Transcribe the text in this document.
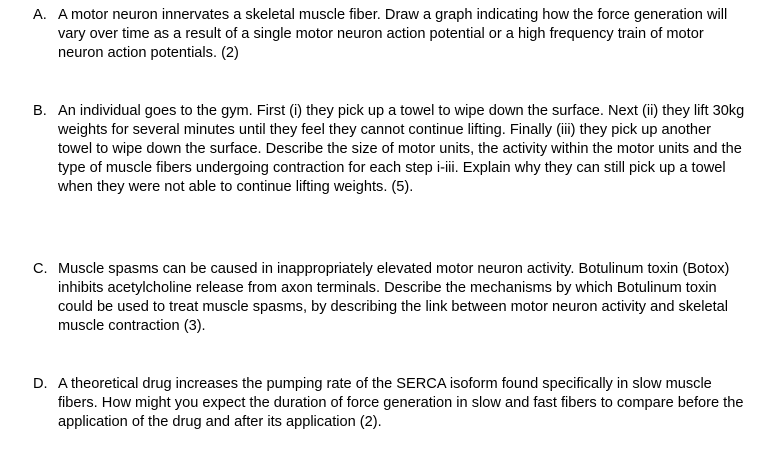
A. A motor neuron innervates a skeletal muscle fiber. Draw a graph indicating how the force generation will vary over time as a result of a single motor neuron action potential or a high frequency train of motor neuron action potentials. (2)
B. An individual goes to the gym. First (i) they pick up a towel to wipe down the surface. Next (ii) they lift 30kg weights for several minutes until they feel they cannot continue lifting. Finally (iii) they pick up another towel to wipe down the surface. Describe the size of motor units, the activity within the motor units and the type of muscle fibers undergoing contraction for each step i-iii. Explain why they can still pick up a towel when they were not able to continue lifting weights. (5).
C. Muscle spasms can be caused in inappropriately elevated motor neuron activity. Botulinum toxin (Botox) inhibits acetylcholine release from axon terminals. Describe the mechanisms by which Botulinum toxin could be used to treat muscle spasms, by describing the link between motor neuron activity and skeletal muscle contraction (3).
D. A theoretical drug increases the pumping rate of the SERCA isoform found specifically in slow muscle fibers. How might you expect the duration of force generation in slow and fast fibers to compare before the application of the drug and after its application (2).
